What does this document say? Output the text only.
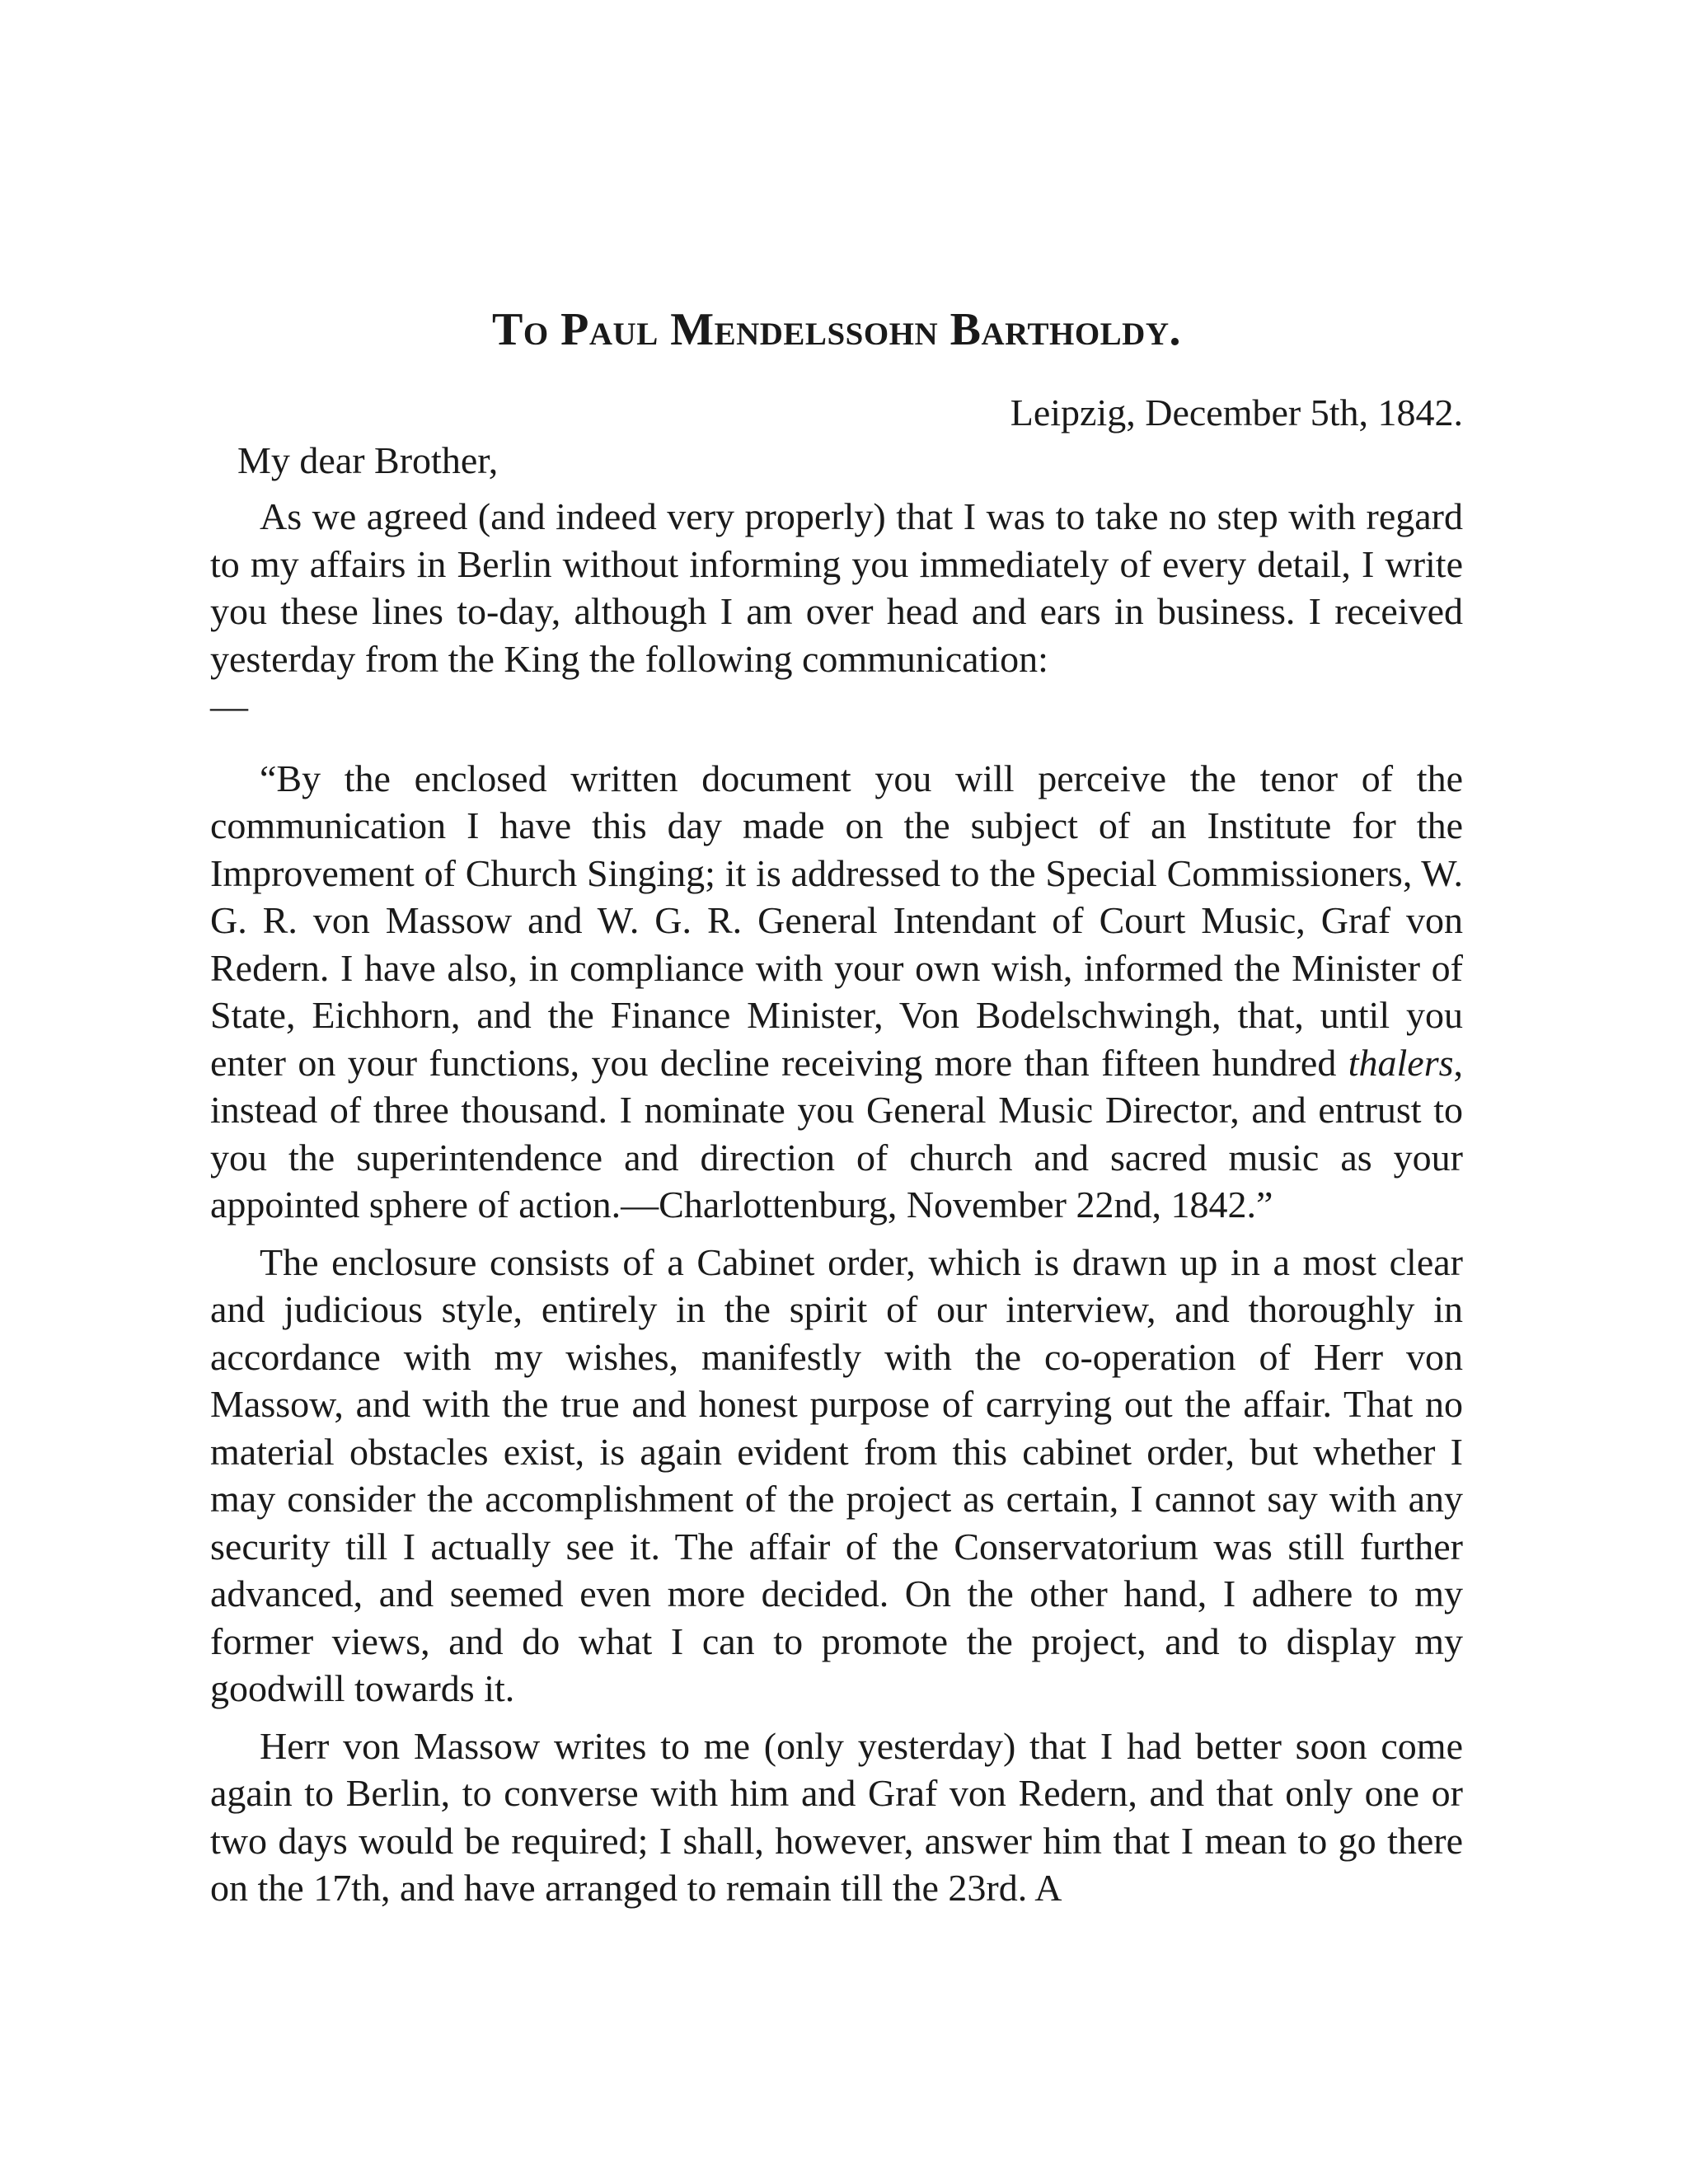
To Paul Mendelssohn Bartholdy.

Leipzig, December 5th, 1842.

My dear Brother,

As we agreed (and indeed very properly) that I was to take no step with regard to my affairs in Berlin without informing you immediately of every detail, I write you these lines to-day, although I am over head and ears in business. I received yesterday from the King the following communication:

—

“By the enclosed written document you will perceive the tenor of the communication I have this day made on the subject of an Institute for the Improvement of Church Singing; it is addressed to the Special Commissioners, W. G. R. von Massow and W. G. R. General Intendant of Court Music, Graf von Redern. I have also, in compliance with your own wish, informed the Minister of State, Eichhorn, and the Finance Minister, Von Bodelschwingh, that, until you enter on your functions, you decline receiving more than fifteen hundred thalers, instead of three thousand. I nominate you General Music Director, and entrust to you the superintendence and direction of church and sacred music as your appointed sphere of action.—Charlottenburg, November 22nd, 1842.”

The enclosure consists of a Cabinet order, which is drawn up in a most clear and judicious style, entirely in the spirit of our interview, and thoroughly in accordance with my wishes, manifestly with the co-operation of Herr von Massow, and with the true and honest purpose of carrying out the affair. That no material obstacles exist, is again evident from this cabinet order, but whether I may consider the accomplishment of the project as certain, I cannot say with any security till I actually see it. The affair of the Conservatorium was still further advanced, and seemed even more decided. On the other hand, I adhere to my former views, and do what I can to promote the project, and to display my goodwill towards it.

Herr von Massow writes to me (only yesterday) that I had better soon come again to Berlin, to converse with him and Graf von Redern, and that only one or two days would be required; I shall, however, answer him that I mean to go there on the 17th, and have arranged to remain till the 23rd. A
